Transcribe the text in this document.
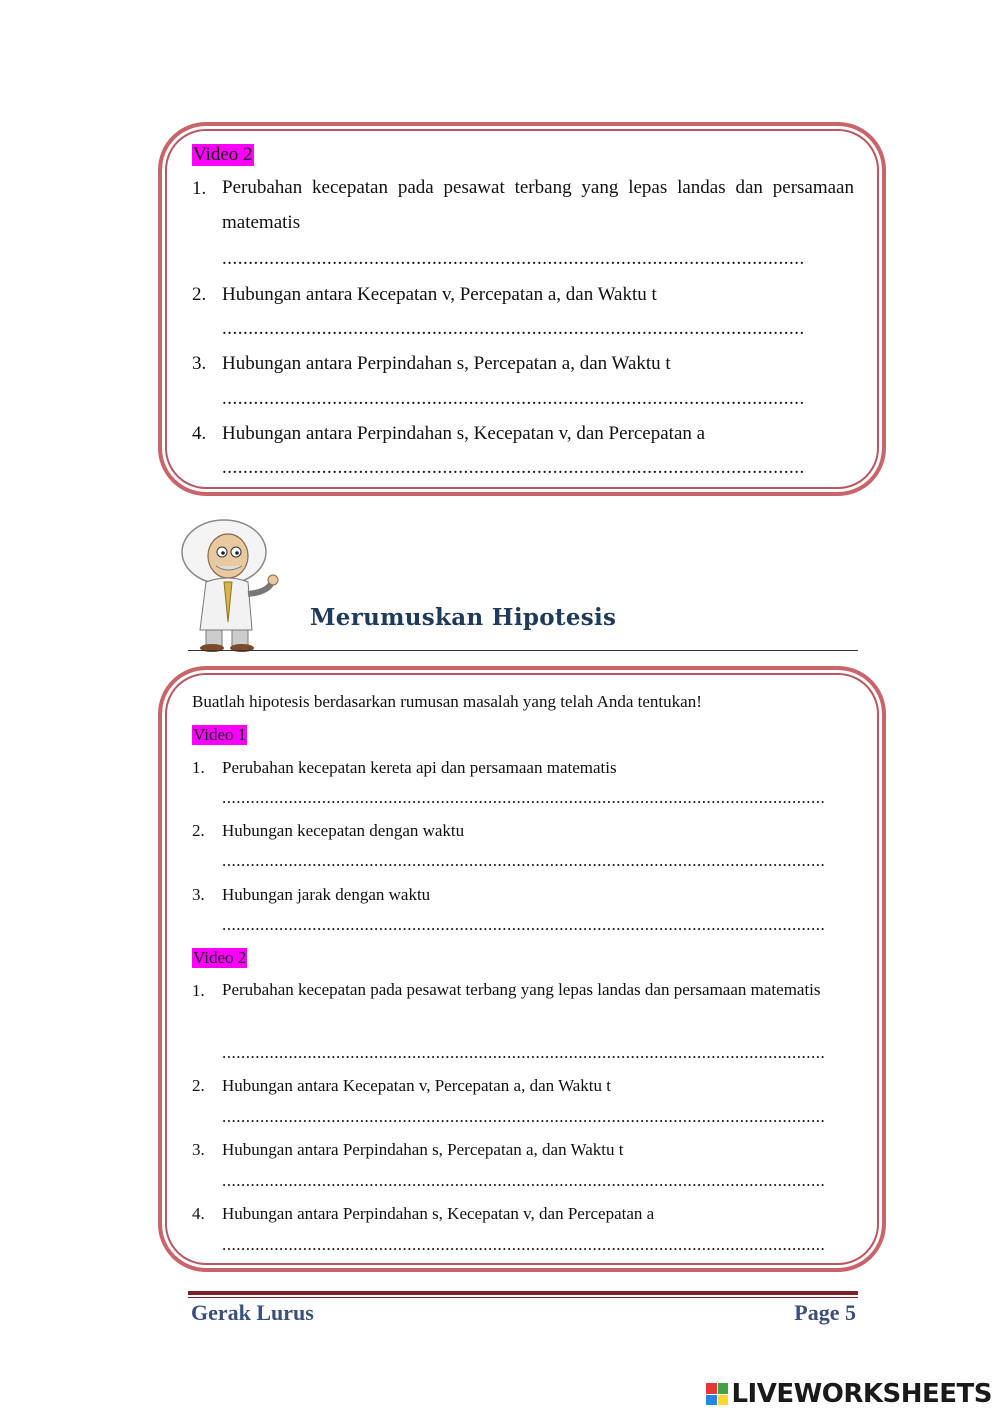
Video 2
1. Perubahan kecepatan pada pesawat terbang yang lepas landas dan persamaan matematis
...............................................................................................................
2. Hubungan antara Kecepatan v, Percepatan a, dan Waktu t
...............................................................................................................
3. Hubungan antara Perpindahan s, Percepatan a, dan Waktu t
...............................................................................................................
4. Hubungan antara Perpindahan s, Kecepatan v, dan Percepatan a
...............................................................................................................
Merumuskan Hipotesis
Buatlah hipotesis berdasarkan rumusan masalah yang telah Anda tentukan!
Video 1
1. Perubahan kecepatan kereta api dan persamaan matematis
...............................................................................................................................
2. Hubungan kecepatan dengan waktu
...............................................................................................................................
3. Hubungan jarak dengan waktu
...............................................................................................................................
Video 2
1. Perubahan kecepatan pada pesawat terbang yang lepas landas dan persamaan matematis
...............................................................................................................................
2. Hubungan antara Kecepatan v, Percepatan a, dan Waktu t
...............................................................................................................................
3. Hubungan antara Perpindahan s, Percepatan a, dan Waktu t
...............................................................................................................................
4. Hubungan antara Perpindahan s, Kecepatan v, dan Percepatan a
...............................................................................................................................
Gerak Lurus	Page 5
LIVEWORKSHEETS
